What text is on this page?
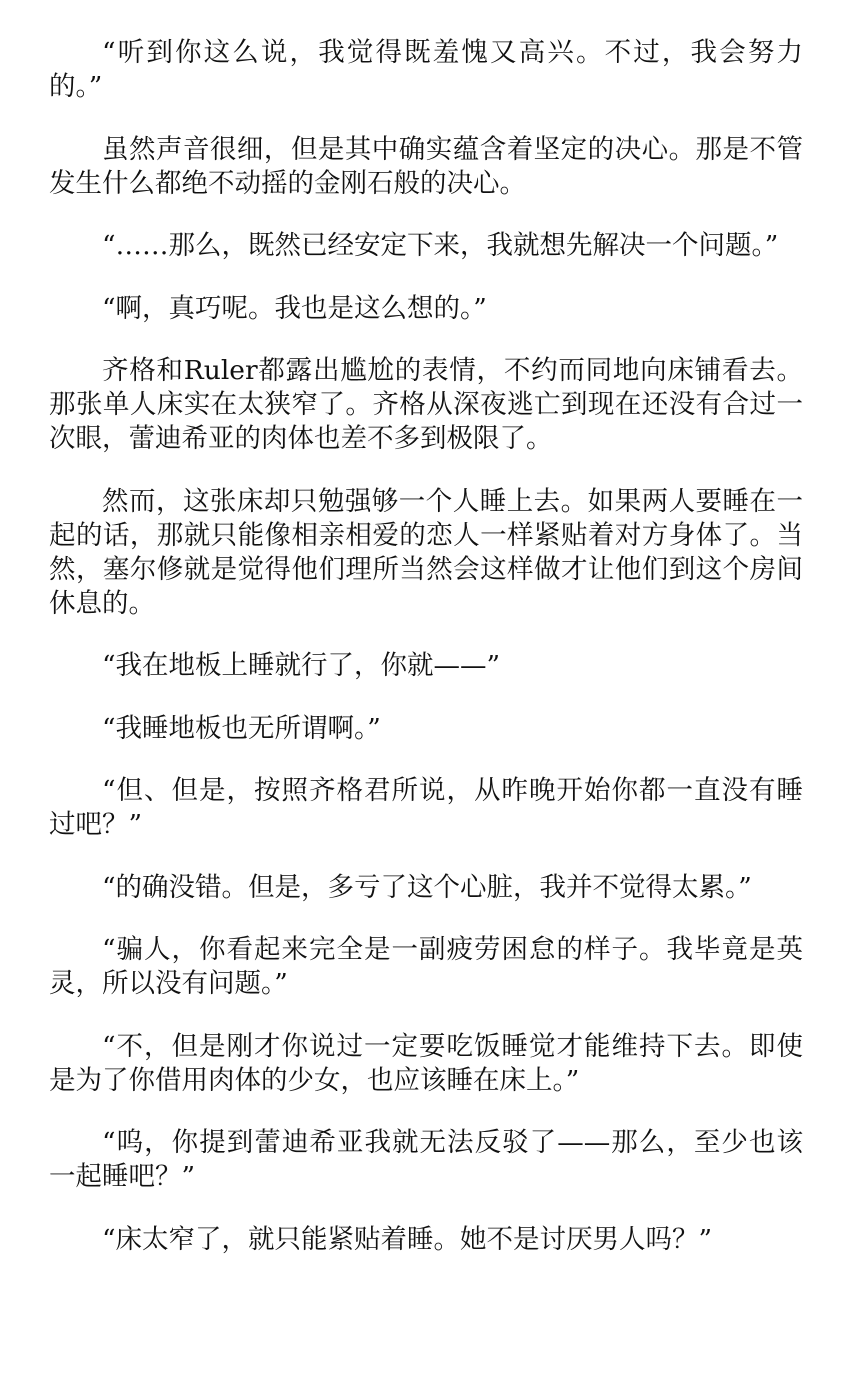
“听到你这么说，我觉得既羞愧又高兴。不过，我会努力的。”

虽然声音很细，但是其中确实蕴含着坚定的决心。那是不管发生什么都绝不动摇的金刚石般的决心。

“……那么，既然已经安定下来，我就想先解决一个问题。”

“啊，真巧呢。我也是这么想的。”

齐格和Ruler都露出尴尬的表情，不约而同地向床铺看去。那张单人床实在太狭窄了。齐格从深夜逃亡到现在还没有合过一次眼，蕾迪希亚的肉体也差不多到极限了。

然而，这张床却只勉强够一个人睡上去。如果两人要睡在一起的话，那就只能像相亲相爱的恋人一样紧贴着对方身体了。当然，塞尔修就是觉得他们理所当然会这样做才让他们到这个房间休息的。

“我在地板上睡就行了，你就——”

“我睡地板也无所谓啊。”

“但、但是，按照齐格君所说，从昨晚开始你都一直没有睡过吧？”

“的确没错。但是，多亏了这个心脏，我并不觉得太累。”

“骗人，你看起来完全是一副疲劳困怠的样子。我毕竟是英灵，所以没有问题。”

“不，但是刚才你说过一定要吃饭睡觉才能维持下去。即使是为了你借用肉体的少女，也应该睡在床上。”

“呜，你提到蕾迪希亚我就无法反驳了——那么，至少也该一起睡吧？”

“床太窄了，就只能紧贴着睡。她不是讨厌男人吗？”
